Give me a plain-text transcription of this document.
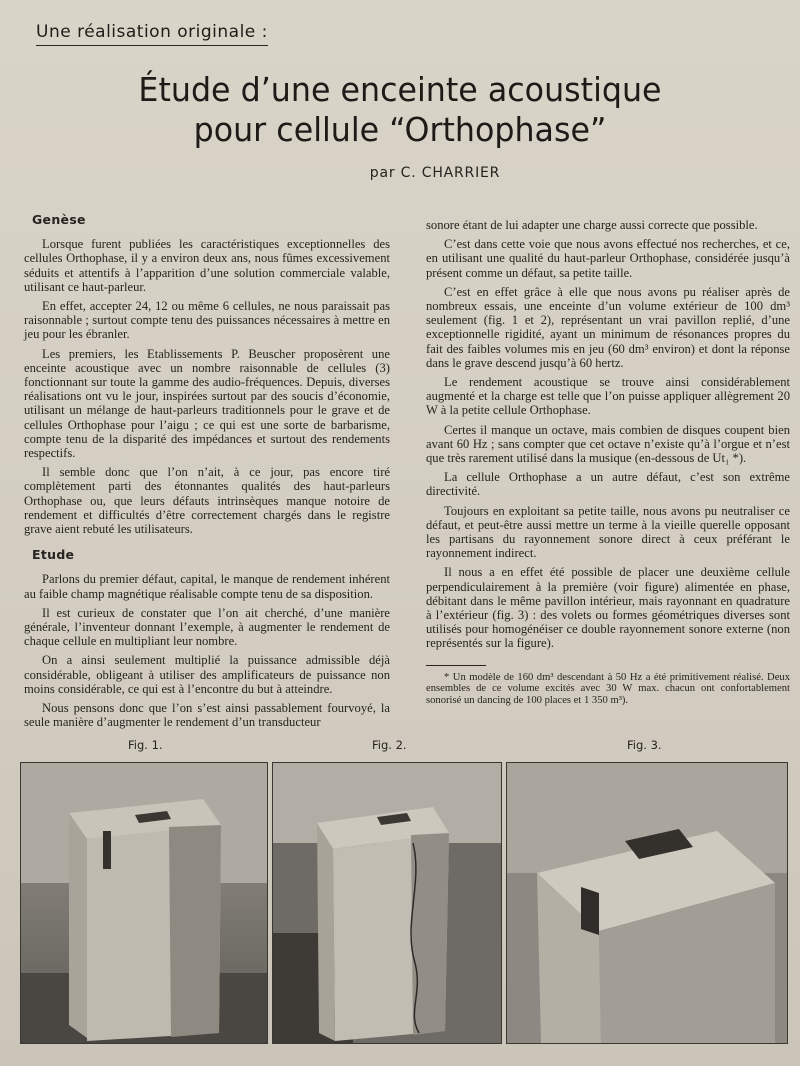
Une réalisation originale :
Étude d’une enceinte acoustique
pour cellule “Orthophase”
par C. CHARRIER
Genèse

Lorsque furent publiées les caractéristiques exceptionnelles des cellules Orthophase, il y a environ deux ans, nous fûmes excessivement séduits et attentifs à l’apparition d’une solution commerciale valable, utilisant ce haut-parleur.

En effet, accepter 24, 12 ou même 6 cellules, ne nous paraissait pas raisonnable ; surtout compte tenu des puissances nécessaires à mettre en jeu pour les ébranler.

Les premiers, les Etablissements P. Beuscher proposèrent une enceinte acoustique avec un nombre raisonnable de cellules (3) fonctionnant sur toute la gamme des audio-fréquences. Depuis, diverses réalisations ont vu le jour, inspirées surtout par des soucis d’économie, utilisant un mélange de haut-parleurs traditionnels pour le grave et de cellules Orthophase pour l’aigu ; ce qui est une sorte de barbarisme, compte tenu de la disparité des impédances et surtout des rendements respectifs.

Il semble donc que l’on n’ait, à ce jour, pas encore tiré complètement parti des étonnantes qualités des haut-parleurs Orthophase ou, que leurs défauts intrinsèques manque notoire de rendement et difficultés d’être correctement chargés dans le registre grave aient rebuté les utilisateurs.

Etude

Parlons du premier défaut, capital, le manque de rendement inhérent au faible champ magnétique réalisable compte tenu de sa disposition.

Il est curieux de constater que l’on ait cherché, d’une manière générale, l’inventeur donnant l’exemple, à augmenter le rendement de chaque cellule en multipliant leur nombre.

On a ainsi seulement multiplié la puissance admissible déjà considérable, obligeant à utiliser des amplificateurs de puissance non moins considérable, ce qui est à l’encontre du but à atteindre.

Nous pensons donc que l’on s’est ainsi passablement fourvoyé, la seule manière d’augmenter le rendement d’un transducteur

sonore étant de lui adapter une charge aussi correcte que possible.

C’est dans cette voie que nous avons effectué nos recherches, et ce, en utilisant une qualité du haut-parleur Orthophase, considérée jusqu’à présent comme un défaut, sa petite taille.

C’est en effet grâce à elle que nous avons pu réaliser après de nombreux essais, une enceinte d’un volume extérieur de 100 dm³ seulement (fig. 1 et 2), représentant un vrai pavillon replié, d’une exceptionnelle rigidité, ayant un minimum de résonances propres du fait des faibles volumes mis en jeu (60 dm³ environ) et dont la réponse dans le grave descend jusqu’à 60 hertz.

Le rendement acoustique se trouve ainsi considérablement augmenté et la charge est telle que l’on puisse appliquer allègrement 20 W à la petite cellule Orthophase.

Certes il manque un octave, mais combien de disques coupent bien avant 60 Hz ; sans compter que cet octave n’existe qu’à l’orgue et n’est que très rarement utilisé dans la musique (en-dessous de Ut₁ *).

La cellule Orthophase a un autre défaut, c’est son extrême directivité.

Toujours en exploitant sa petite taille, nous avons pu neutraliser ce défaut, et peut-être aussi mettre un terme à la vieille querelle opposant les partisans du rayonnement sonore direct à ceux préférant le rayonnement indirect.

Il nous a en effet été possible de placer une deuxième cellule perpendiculairement à la première (voir figure) alimentée en phase, débitant dans le même pavillon intérieur, mais rayonnant en quadrature à l’extérieur (fig. 3) : des volets ou formes géométriques diverses sont utilisés pour homogénéiser ce double rayonnement sonore externe (non représentés sur la figure).

* Un modèle de 160 dm³ descendant à 50 Hz a été primitivement réalisé. Deux ensembles de ce volume excités avec 30 W max. chacun ont confortablement sonorisé un dancing de 100 places et 1 350 m³).

Fig. 1.	Fig. 2.	Fig. 3.
